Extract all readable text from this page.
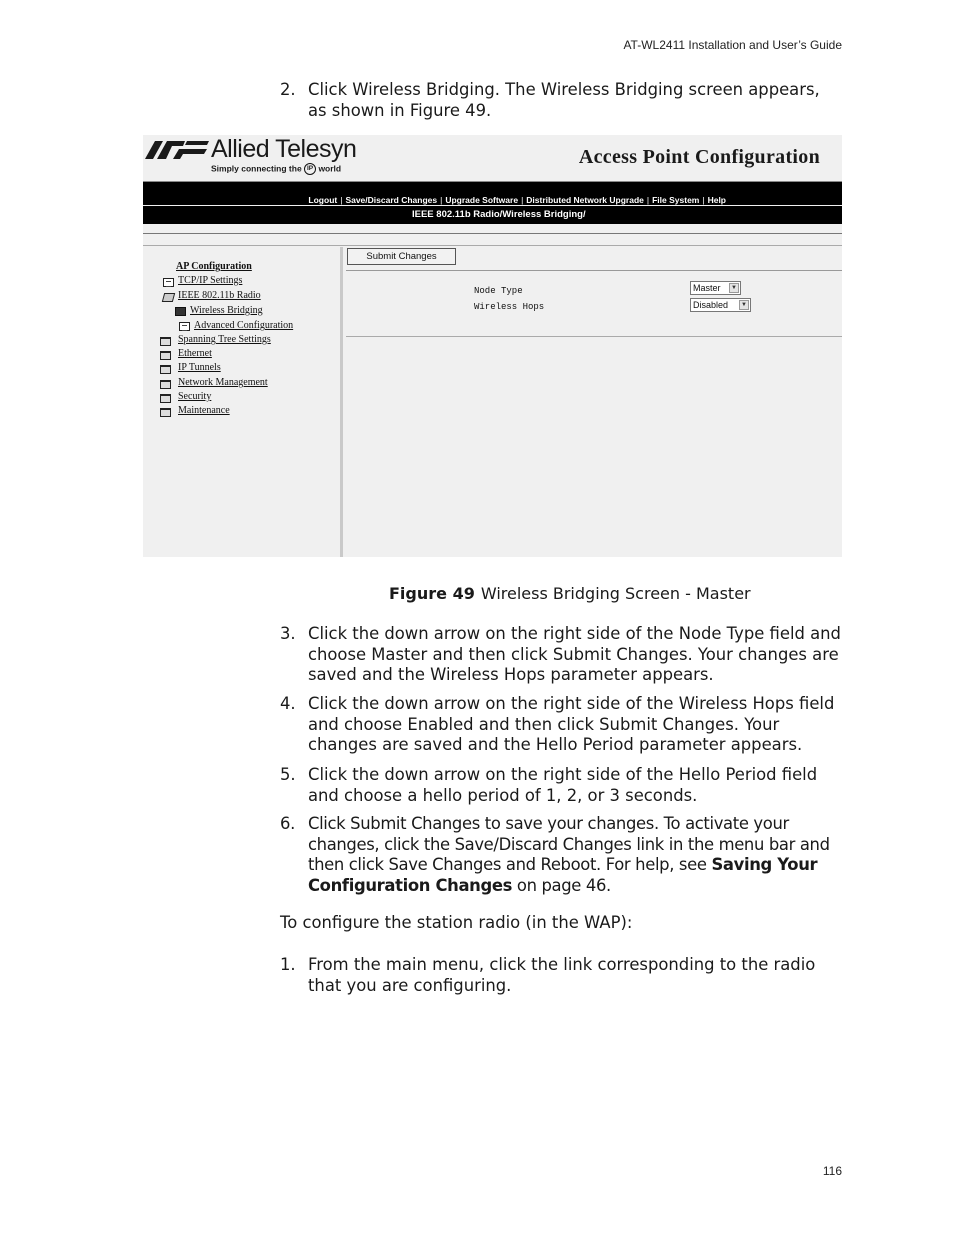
AT-WL2411 Installation and User’s Guide
2. Click Wireless Bridging. The Wireless Bridging screen appears, as shown in Figure 49.
Allied Telesyn
Simply connecting the IP world
Access Point Configuration
Logout | Save/Discard Changes | Upgrade Software | Distributed Network Upgrade | File System | Help
IEEE 802.11b Radio/Wireless Bridging/
AP Configuration
TCP/IP Settings
IEEE 802.11b Radio
Wireless Bridging
Advanced Configuration
Spanning Tree Settings
Ethernet
IP Tunnels
Network Management
Security
Maintenance
Submit Changes
Node Type	Master	▼
Wireless Hops	Disabled	▼
Figure 49 Wireless Bridging Screen - Master
3. Click the down arrow on the right side of the Node Type field and choose Master and then click Submit Changes. Your changes are saved and the Wireless Hops parameter appears.
4. Click the down arrow on the right side of the Wireless Hops field and choose Enabled and then click Submit Changes. Your changes are saved and the Hello Period parameter appears.
5. Click the down arrow on the right side of the Hello Period field and choose a hello period of 1, 2, or 3 seconds.
6. Click Submit Changes to save your changes. To activate your changes, click the Save/Discard Changes link in the menu bar and then click Save Changes and Reboot. For help, see Saving Your Configuration Changes on page 46.
To configure the station radio (in the WAP):
1. From the main menu, click the link corresponding to the radio that you are configuring.
116
